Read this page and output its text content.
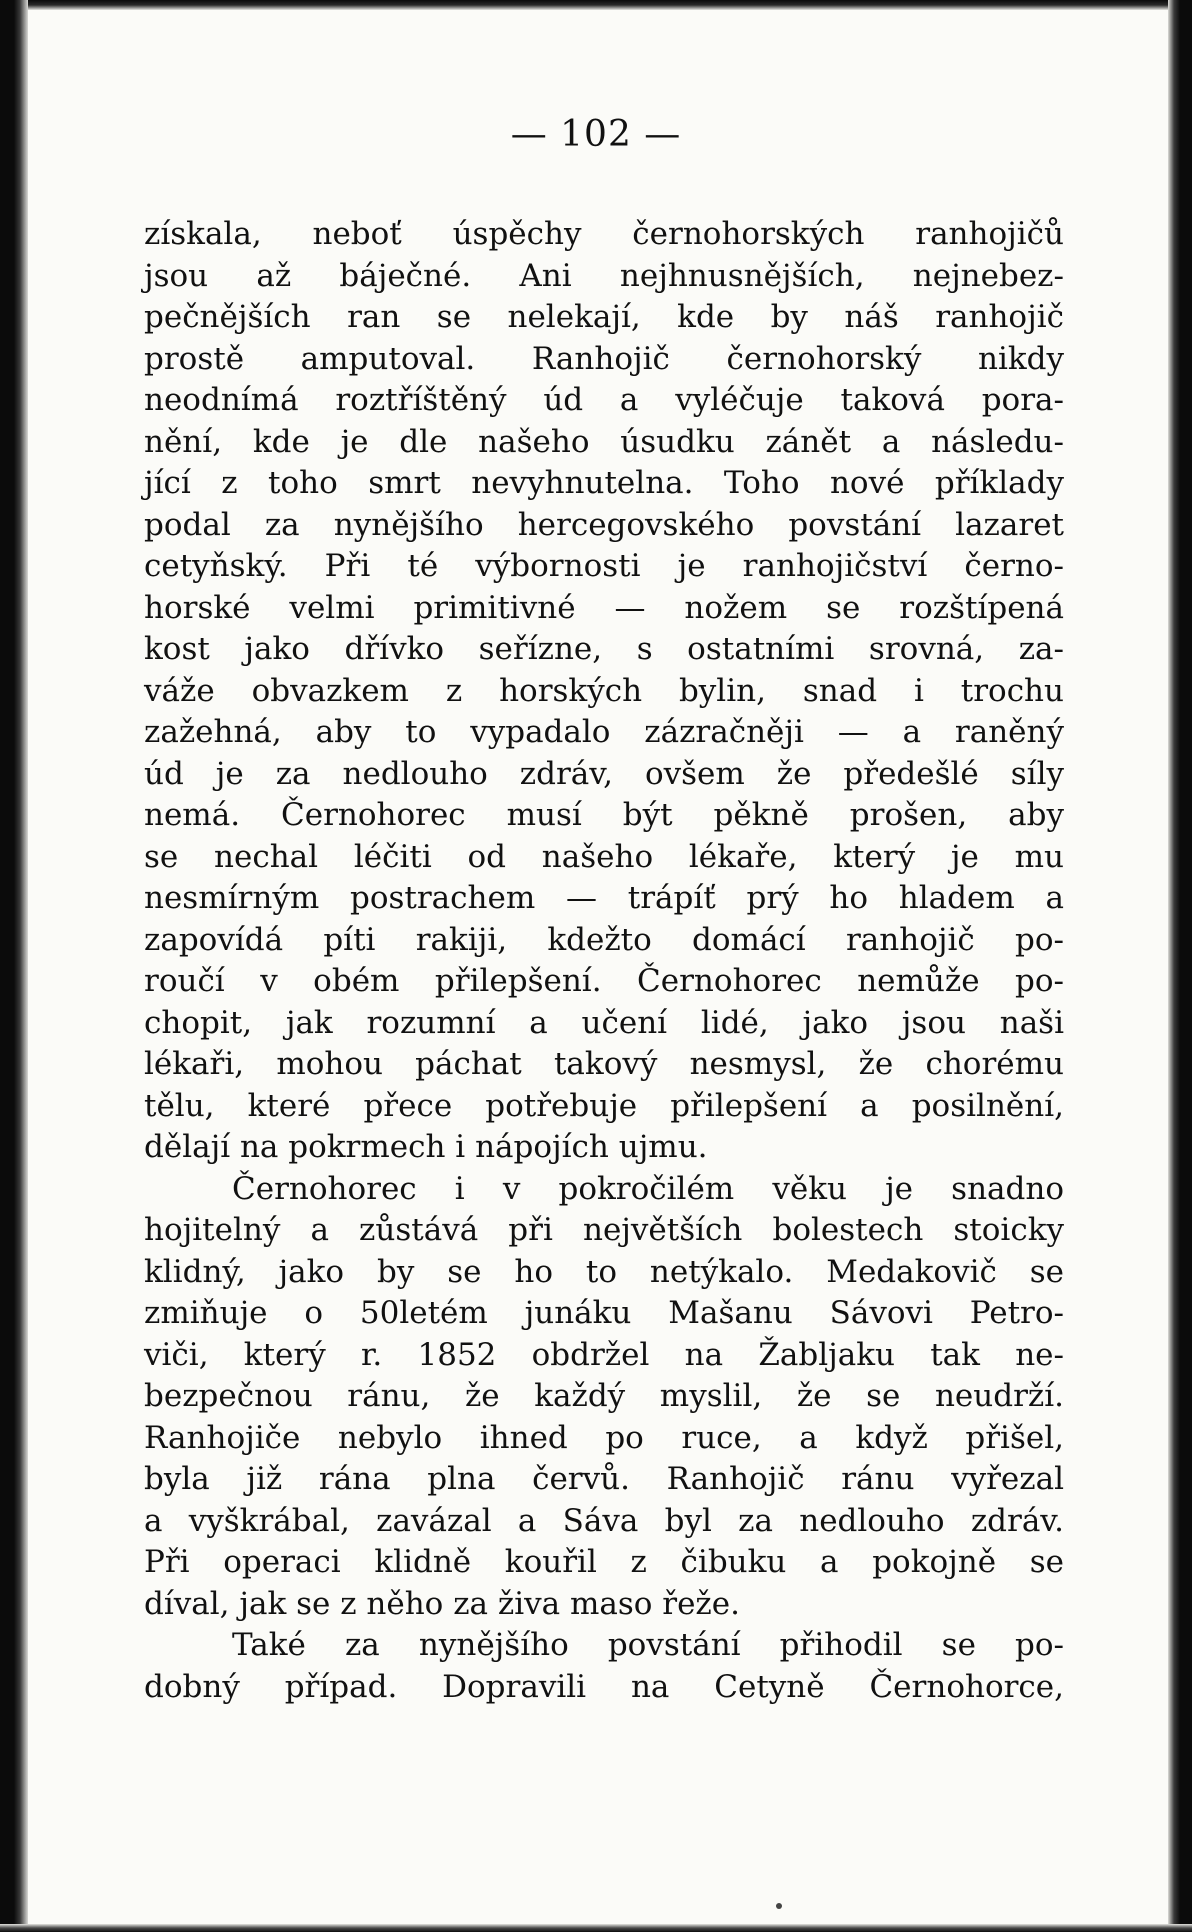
— 102 —
získala, neboť úspěchy černohorských ranhojičů
jsou až báječné. Ani nejhnusnějších, nejnebez-
pečnějších ran se nelekají, kde by náš ranhojič
prostě amputoval. Ranhojič černohorský nikdy
neodnímá roztříštěný úd a vyléčuje taková pora-
nění, kde je dle našeho úsudku zánět a následu-
jící z toho smrt nevyhnutelna. Toho nové příklady
podal za nynějšího hercegovského povstání lazaret
cetyňský. Při té výbornosti je ranhojičství černo-
horské velmi primitivné — nožem se rozštípená
kost jako dřívko seřízne, s ostatními srovná, za-
váže obvazkem z horských bylin, snad i trochu
zažehná, aby to vypadalo zázračněji — a raněný
úd je za nedlouho zdráv, ovšem že předešlé síly
nemá. Černohorec musí být pěkně prošen, aby
se nechal léčiti od našeho lékaře, který je mu
nesmírným postrachem — trápíť prý ho hladem a
zapovídá píti rakiji, kdežto domácí ranhojič po-
roučí v obém přilepšení. Černohorec nemůže po-
chopit, jak rozumní a učení lidé, jako jsou naši
lékaři, mohou páchat takový nesmysl, že chorému
tělu, které přece potřebuje přilepšení a posilnění,
dělají na pokrmech i nápojích ujmu.
Černohorec i v pokročilém věku je snadno
hojitelný a zůstává při největších bolestech stoicky
klidný, jako by se ho to netýkalo. Medakovič se
zmiňuje o 50letém junáku Mašanu Sávovi Petro-
viči, který r. 1852 obdržel na Žabljaku tak ne-
bezpečnou ránu, že každý myslil, že se neudrží.
Ranhojiče nebylo ihned po ruce, a když přišel,
byla již rána plna červů. Ranhojič ránu vyřezal
a vyškrábal, zavázal a Sáva byl za nedlouho zdráv.
Při operaci klidně kouřil z čibuku a pokojně se
díval, jak se z něho za živa maso řeže.
Také za nynějšího povstání přihodil se po-
dobný případ. Dopravili na Cetyně Černohorce,
